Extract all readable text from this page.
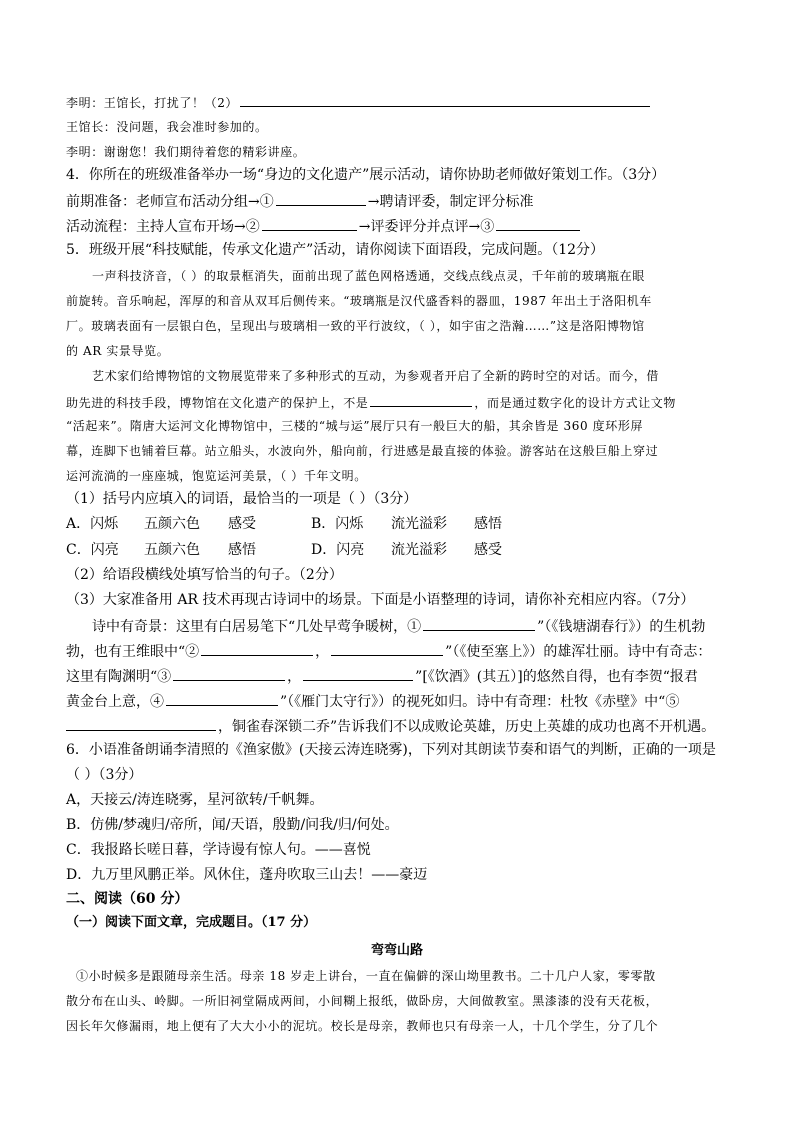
李明：王馆长，打扰了！（2）
王馆长：没问题，我会准时参加的。
李明：谢谢您！我们期待着您的精彩讲座。
4．你所在的班级准备举办一场“身边的文化遗产”展示活动，请你协助老师做好策划工作。（3分）
前期准备：老师宣布活动分组→①	→聘请评委，制定评分标准
活动流程：主持人宣布开场→②	→评委评分并点评→③
5．班级开展“科技赋能，传承文化遗产”活动，请你阅读下面语段，完成问题。（12分）
一声科技济音，（ ）的取景框消失，面前出现了蓝色网格透通，交线点线点灵，千年前的玻璃瓶在眼
前旋转。音乐响起，浑厚的和音从双耳后侧传来。“玻璃瓶是汉代盛香料的器皿，1987 年出土于洛阳机车
厂。玻璃表面有一层银白色，呈现出与玻璃相一致的平行波纹，（ ），如宇宙之浩瀚……”这是洛阳博物馆
的 AR 实景导览。
艺术家们给博物馆的文物展览带来了多种形式的互动，为参观者开启了全新的跨时空的对话。而今，借
助先进的科技手段，博物馆在文化遗产的保护上，不是	，而是通过数字化的设计方式让文物
“活起来”。隋唐大运河文化博物馆中，三楼的“城与运”展厅只有一般巨大的船，其余皆是 360 度环形屏
幕，连脚下也铺着巨幕。站立船头，水波向外，船向前，行进感是最直接的体验。游客站在这般巨船上穿过
运河流淌的一座座城，饱览运河美景，（ ）千年文明。
（1）括号内应填入的词语，最恰当的一项是（ ）（3分）
A．闪烁 五颜六色 感受	B．闪烁 流光溢彩 感悟
C．闪亮 五颜六色 感悟	D．闪亮 流光溢彩 感受
（2）给语段横线处填写恰当的句子。（2分）
（3）大家准备用 AR 技术再现古诗词中的场景。下面是小语整理的诗词，请你补充相应内容。（7分）
诗中有奇景：这里有白居易笔下“几处早莺争暖树，①	”（《钱塘湖春行》）的生机勃
勃，也有王维眼中“②	，	”（《使至塞上》）的雄浑壮丽。诗中有奇志：
这里有陶渊明“③	，	”[《饮酒》(其五）]的悠然自得，也有李贺“报君
黄金台上意，④	”（《雁门太守行》）的视死如归。诗中有奇理：杜牧《赤壁》中“⑤
，铜雀春深锁二乔”告诉我们不以成败论英雄，历史上英雄的成功也离不开机遇。
6．小语准备朗诵李清照的《渔家傲》(天接云涛连晓雾)，下列对其朗读节奏和语气的判断，正确的一项是
（ ）（3分）
A，天接云/涛连晓雾，星河欲转/千帆舞。
B．仿佛/梦魂归/帝所，闻/天语，殷勤/问我/归/何处。
C．我报路长嗟日暮，学诗谩有惊人句。——喜悦
D．九万里风鹏正举。风休住，蓬舟吹取三山去！——豪迈
二、阅读（60 分）
（一）阅读下面文章，完成题目。（17 分）
弯弯山路
①小时候多是跟随母亲生活。母亲 18 岁走上讲台，一直在偏僻的深山坳里教书。二十几户人家，零零散
散分布在山头、岭脚。一所旧祠堂隔成两间，小间糊上报纸，做卧房，大间做教室。黑漆漆的没有天花板，
因长年欠修漏雨，地上便有了大大小小的泥坑。校长是母亲，教师也只有母亲一人，十几个学生，分了几个
